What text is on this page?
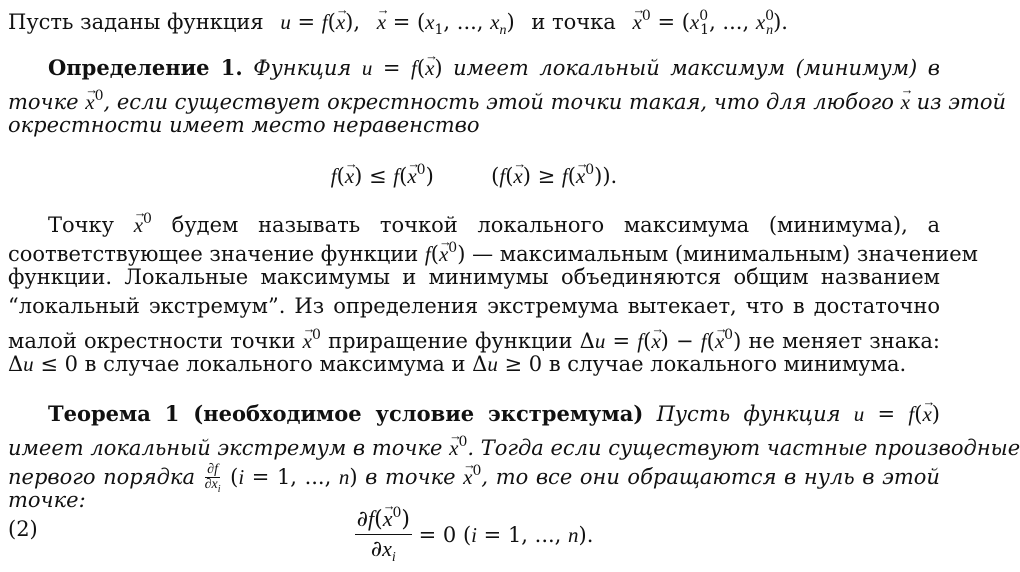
Пусть заданы функция u = f(→ x), → $x = (x_1$, ..., $x_n$) и точка → $x^0 = (x^0_1$, ..., $x^0_n$).
Определение 1. Функция u = f(→ x) имеет локальный максимум (минимум) в
точке → $x^0$, если существует окрестность этой точки такая, что для любого → x из этой
окрестности имеет место неравенство
$f(\to x) \le f(\to x^0)$  $(f(\to x) \ge f(\to x^0))$.
Точку → $x^0$ будем называть точкой локального максимума (минимума), а
соответствующее значение функции $f(\to x^0)$ — максимальным (минимальным) значением
функции. Локальные максимумы и минимумы объединяются общим названием
“локальный экстремум”. Из определения экстремума вытекает, что в достаточно
малой окрестности точки → $x^0$ приращение функции $\Delta u = f(\to x) - f(\to x^0)$ не меняет знака:
Δu ≤ 0 в случае локального максимума и Δu ≥ 0 в случае локального минимума.
Теорема 1 (необходимое условие экстремума) Пусть функция u = f(→ x)
имеет локальный экстремум в точке → $x^0$. Тогда если существуют частные производные
первого порядка $\frac{\partial f}{\partial x_i} (i = 1$, ..., n) в точке → $x^0$, то все они обращаются в нуль в этой
точке:	$\frac{\partial f(\to x^0)}{\partial x_i} = 0$ (i = 1, ..., n).
(2)
